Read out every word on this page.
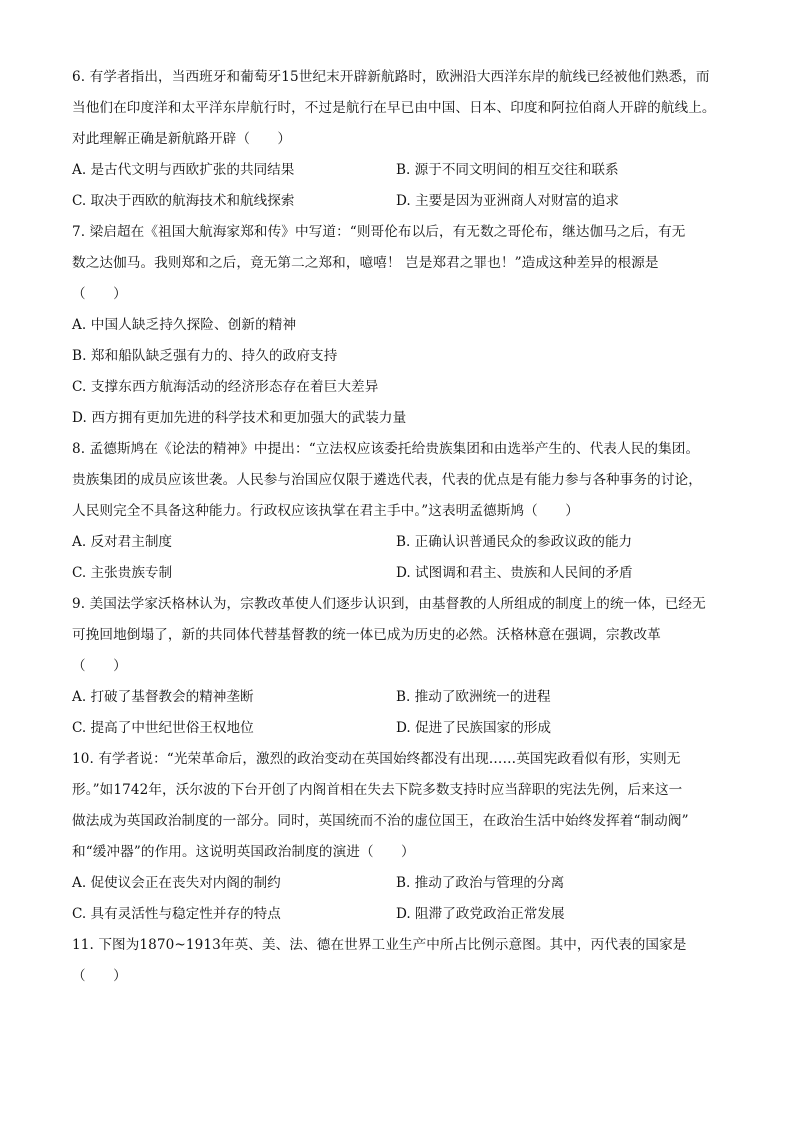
6. 有学者指出，当西班牙和葡萄牙15世纪末开辟新航路时，欧洲沿大西洋东岸的航线已经被他们熟悉，而
当他们在印度洋和太平洋东岸航行时，不过是航行在早已由中国、日本、印度和阿拉伯商人开辟的航线上。
对此理解正确是新航路开辟（　　）
A. 是古代文明与西欧扩张的共同结果	B. 源于不同文明间的相互交往和联系
C. 取决于西欧的航海技术和航线探索	D. 主要是因为亚洲商人对财富的追求
7. 梁启超在《祖国大航海家郑和传》中写道：“则哥伦布以后，有无数之哥伦布，继达伽马之后，有无
数之达伽马。我则郑和之后，竟无第二之郑和，噫嘻！ 岂是郑君之罪也！”造成这种差异的根源是
（　　）
A. 中国人缺乏持久探险、创新的精神
B. 郑和船队缺乏强有力的、持久的政府支持
C. 支撑东西方航海活动的经济形态存在着巨大差异
D. 西方拥有更加先进的科学技术和更加强大的武装力量
8. 孟德斯鸠在《论法的精神》中提出：“立法权应该委托给贵族集团和由选举产生的、代表人民的集团。
贵族集团的成员应该世袭。人民参与治国应仅限于遴选代表，代表的优点是有能力参与各种事务的讨论，
人民则完全不具备这种能力。行政权应该执掌在君主手中。”这表明孟德斯鸠（　　）
A. 反对君主制度	B. 正确认识普通民众的参政议政的能力
C. 主张贵族专制	D. 试图调和君主、贵族和人民间的矛盾
9. 美国法学家沃格林认为，宗教改革使人们逐步认识到，由基督教的人所组成的制度上的统一体，已经无
可挽回地倒塌了，新的共同体代替基督教的统一体已成为历史的必然。沃格林意在强调，宗教改革
（　　）
A. 打破了基督教会的精神垄断	B. 推动了欧洲统一的进程
C. 提高了中世纪世俗王权地位	D. 促进了民族国家的形成
10. 有学者说：“光荣革命后，激烈的政治变动在英国始终都没有出现……英国宪政看似有形，实则无
形。”如1742年，沃尔波的下台开创了内阁首相在失去下院多数支持时应当辞职的宪法先例，后来这一
做法成为英国政治制度的一部分。同时，英国统而不治的虚位国王，在政治生活中始终发挥着“制动阀”
和“缓冲器”的作用。这说明英国政治制度的演进（　　）
A. 促使议会正在丧失对内阁的制约	B. 推动了政治与管理的分离
C. 具有灵活性与稳定性并存的特点	D. 阻滞了政党政治正常发展
11. 下图为1870~1913年英、美、法、德在世界工业生产中所占比例示意图。其中，丙代表的国家是
（　　）
